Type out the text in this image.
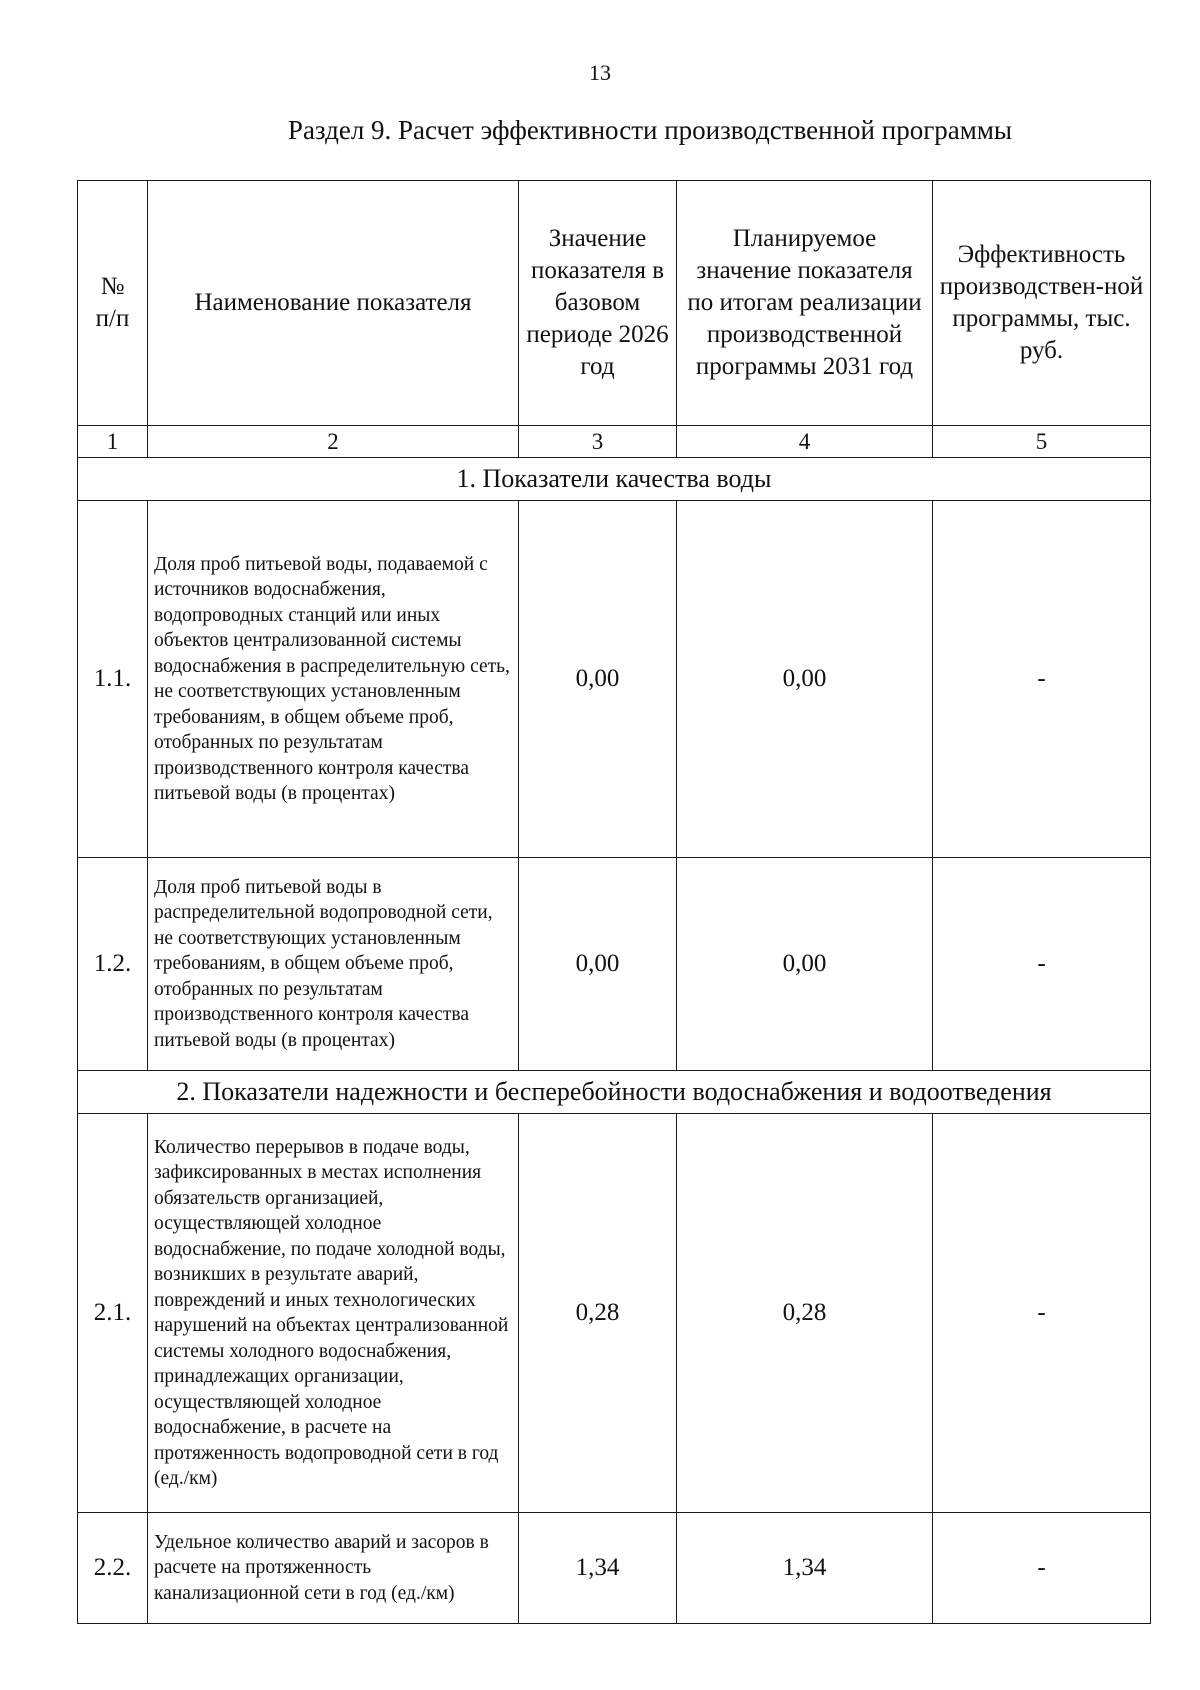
13
Раздел 9. Расчет эффективности производственной программы
№
п/п	Наименование показателя	Значение показателя в базовом периоде 2026 год	Планируемое значение показателя по итогам реализации производственной программы 2031 год	Эффективность производствен-ной программы, тыс. руб.
1	2	3	4	5
1. Показатели качества воды				
1.1.	Доля проб питьевой воды, подаваемой с источников водоснабжения, водопроводных станций или иных объектов централизованной системы водоснабжения в распределительную сеть, не соответствующих установленным требованиям, в общем объеме проб, отобранных по результатам производственного контроля качества питьевой воды (в процентах)	0,00	0,00	-
1.2.	Доля проб питьевой воды в распределительной водопроводной сети, не соответствующих установленным требованиям, в общем объеме проб, отобранных по результатам производственного контроля качества питьевой воды (в процентах)	0,00	0,00	-
2. Показатели надежности и бесперебойности водоснабжения и водоотведения				
2.1.	Количество перерывов в подаче воды, зафиксированных в местах исполнения обязательств организацией, осуществляющей холодное водоснабжение, по подаче холодной воды, возникших в результате аварий, повреждений и иных технологических нарушений на объектах централизованной системы холодного водоснабжения, принадлежащих организации, осуществляющей холодное водоснабжение, в расчете на протяженность водопроводной сети в год (ед./км)	0,28	0,28	-
2.2.	Удельное количество аварий и засоров в расчете на протяженность канализационной сети в год (ед./км)	1,34	1,34	-
